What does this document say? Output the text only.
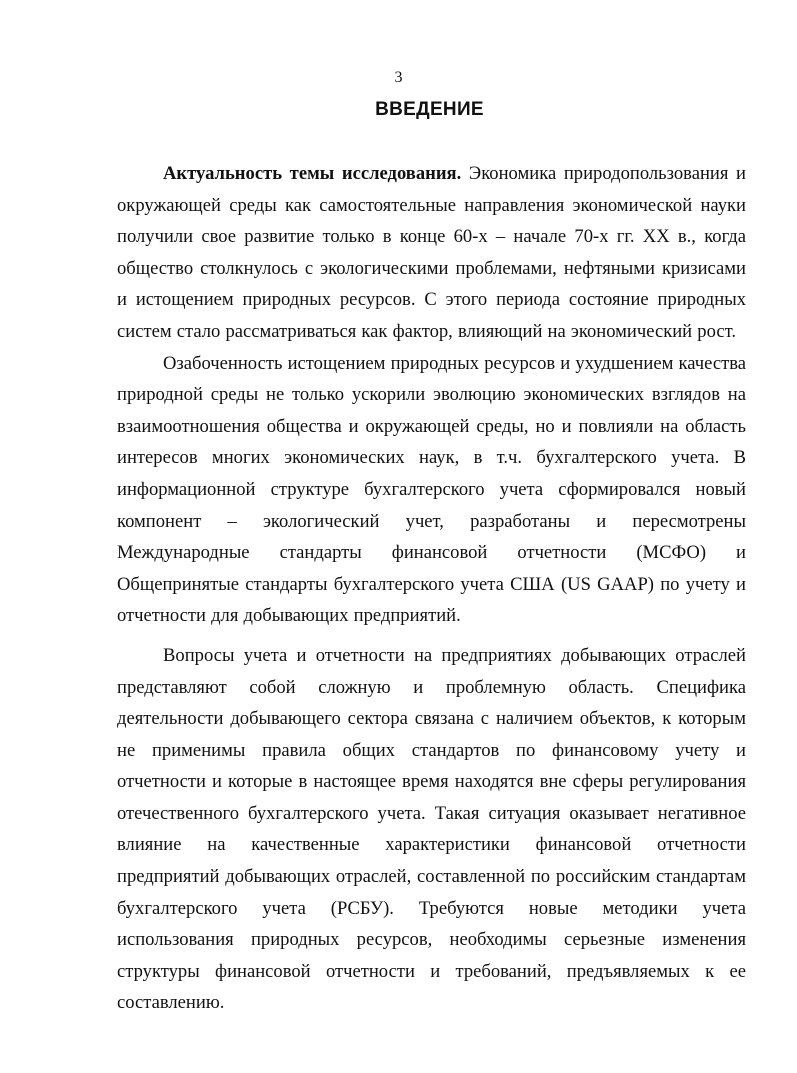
3
ВВЕДЕНИЕ

Актуальность темы исследования. Экономика природопользования и окружающей среды как самостоятельные направления экономической науки получили свое развитие только в конце 60-х – начале 70-х гг. XX в., когда общество столкнулось с экологическими проблемами, нефтяными кризисами и истощением природных ресурсов. С этого периода состояние природных систем стало рассматриваться как фактор, влияющий на экономический рост.

Озабоченность истощением природных ресурсов и ухудшением качества природной среды не только ускорили эволюцию экономических взглядов на взаимоотношения общества и окружающей среды, но и повлияли на область интересов многих экономических наук, в т.ч. бухгалтерского учета. В информационной структуре бухгалтерского учета сформировался новый компонент – экологический учет, разработаны и пересмотрены Международные стандарты финансовой отчетности (МСФО) и Общепринятые стандарты бухгалтерского учета США (US GAAP) по учету и отчетности для добывающих предприятий.

Вопросы учета и отчетности на предприятиях добывающих отраслей представляют собой сложную и проблемную область. Специфика деятельности добывающего сектора связана с наличием объектов, к которым не применимы правила общих стандартов по финансовому учету и отчетности и которые в настоящее время находятся вне сферы регулирования отечественного бухгалтерского учета. Такая ситуация оказывает негативное влияние на качественные характеристики финансовой отчетности предприятий добывающих отраслей, составленной по российским стандартам бухгалтерского учета (РСБУ). Требуются новые методики учета использования природных ресурсов, необходимы серьезные изменения структуры финансовой отчетности и требований, предъявляемых к ее составлению.
